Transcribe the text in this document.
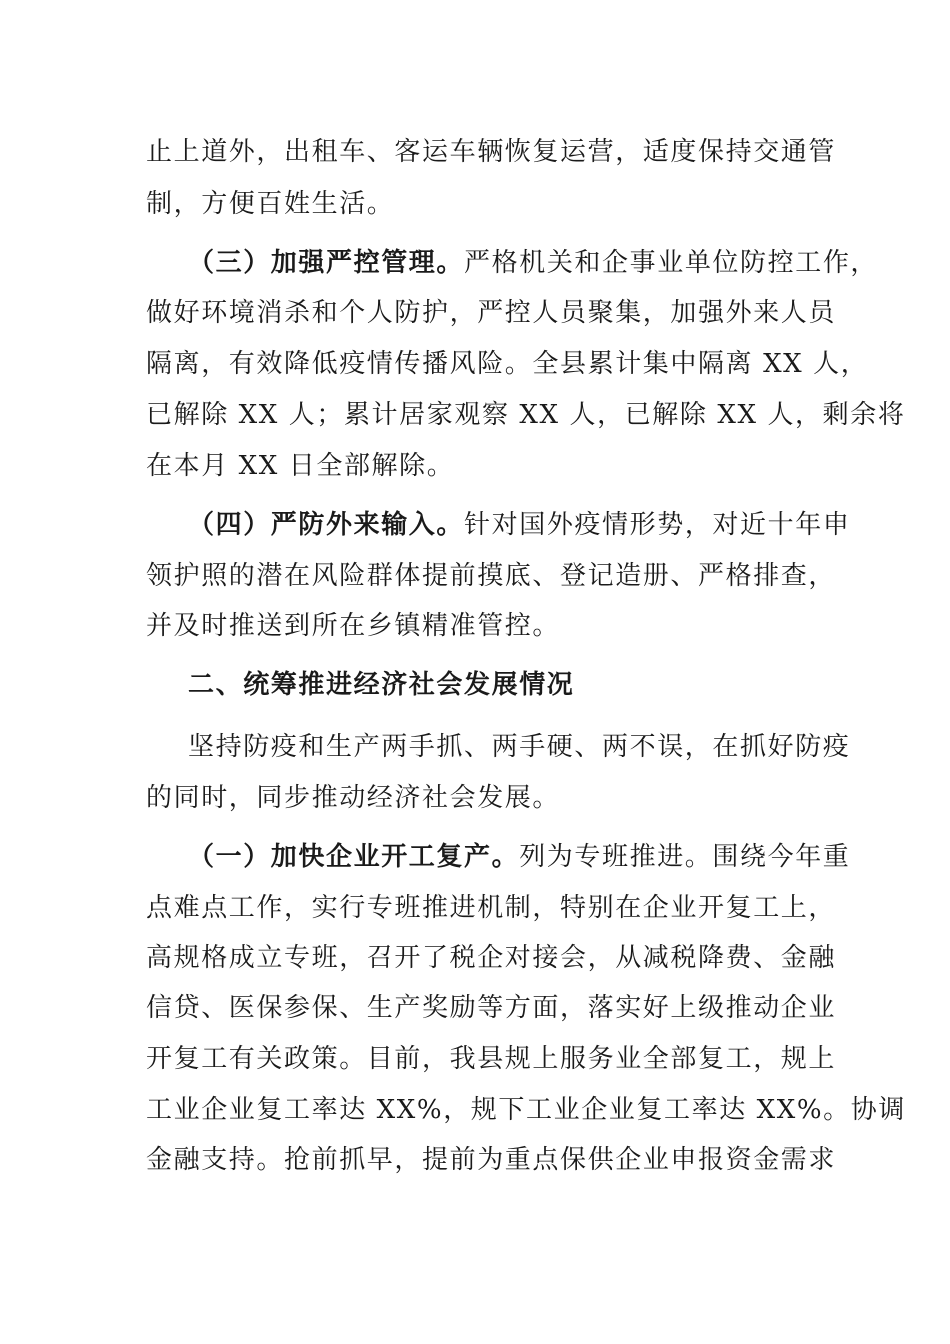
止上道外，出租车、客运车辆恢复运营，适度保持交通管
制，方便百姓生活。
（三）加强严控管理。严格机关和企事业单位防控工作，
做好环境消杀和个人防护，严控人员聚集，加强外来人员
隔离，有效降低疫情传播风险。全县累计集中隔离 XX 人，
已解除 XX 人；累计居家观察 XX 人，已解除 XX 人，剩余将
在本月 XX 日全部解除。
（四）严防外来输入。针对国外疫情形势，对近十年申
领护照的潜在风险群体提前摸底、登记造册、严格排查，
并及时推送到所在乡镇精准管控。
二、统筹推进经济社会发展情况
坚持防疫和生产两手抓、两手硬、两不误，在抓好防疫
的同时，同步推动经济社会发展。
（一）加快企业开工复产。列为专班推进。围绕今年重
点难点工作，实行专班推进机制，特别在企业开复工上，
高规格成立专班，召开了税企对接会，从减税降费、金融
信贷、医保参保、生产奖励等方面，落实好上级推动企业
开复工有关政策。目前，我县规上服务业全部复工，规上
工业企业复工率达 XX%，规下工业企业复工率达 XX%。协调
金融支持。抢前抓早，提前为重点保供企业申报资金需求
